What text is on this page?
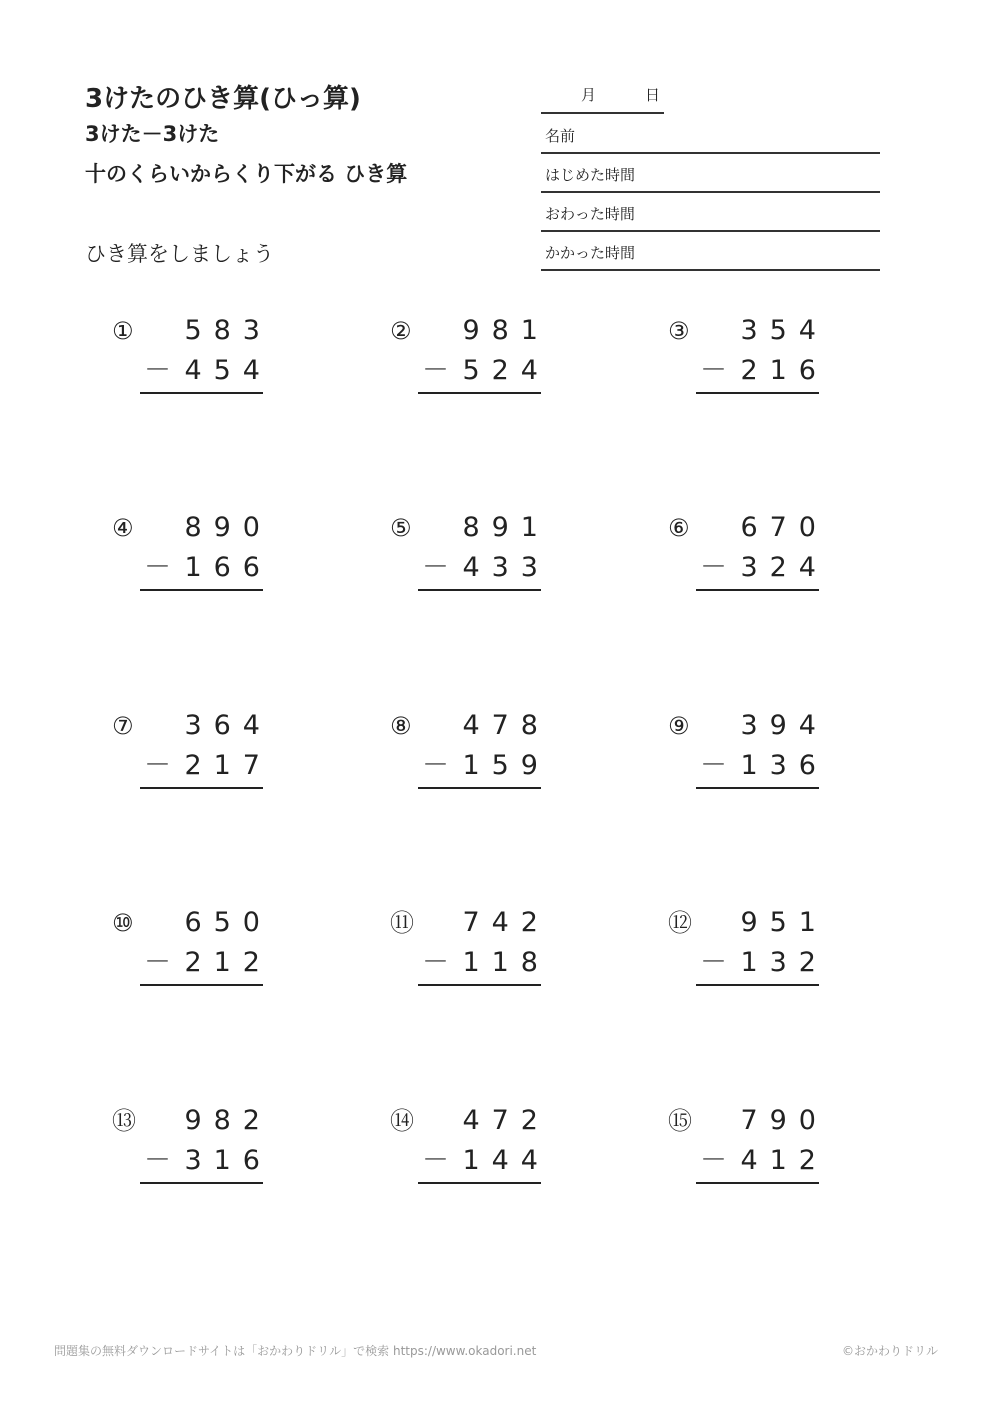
3けたのひき算(ひっ算)
3けた－3けた
十のくらいからくり下がる ひき算
ひき算をしましょう
月	日
名前
はじめた時間
おわった時間
かかった時間
① 583
－ 454
② 981
－ 524
③ 354
－ 216
④ 890
－ 166
⑤ 891
－ 433
⑥ 670
－ 324
⑦ 364
－ 217
⑧ 478
－ 159
⑨ 394
－ 136
⑩ 650
－ 212
⑪ 742
－ 118
⑫ 951
－ 132
⑬ 982
－ 316
⑭ 472
－ 144
⑮ 790
－ 412
問題集の無料ダウンロードサイトは「おかわりドリル」で検索 https://www.okadori.net	©おかわりドリル
